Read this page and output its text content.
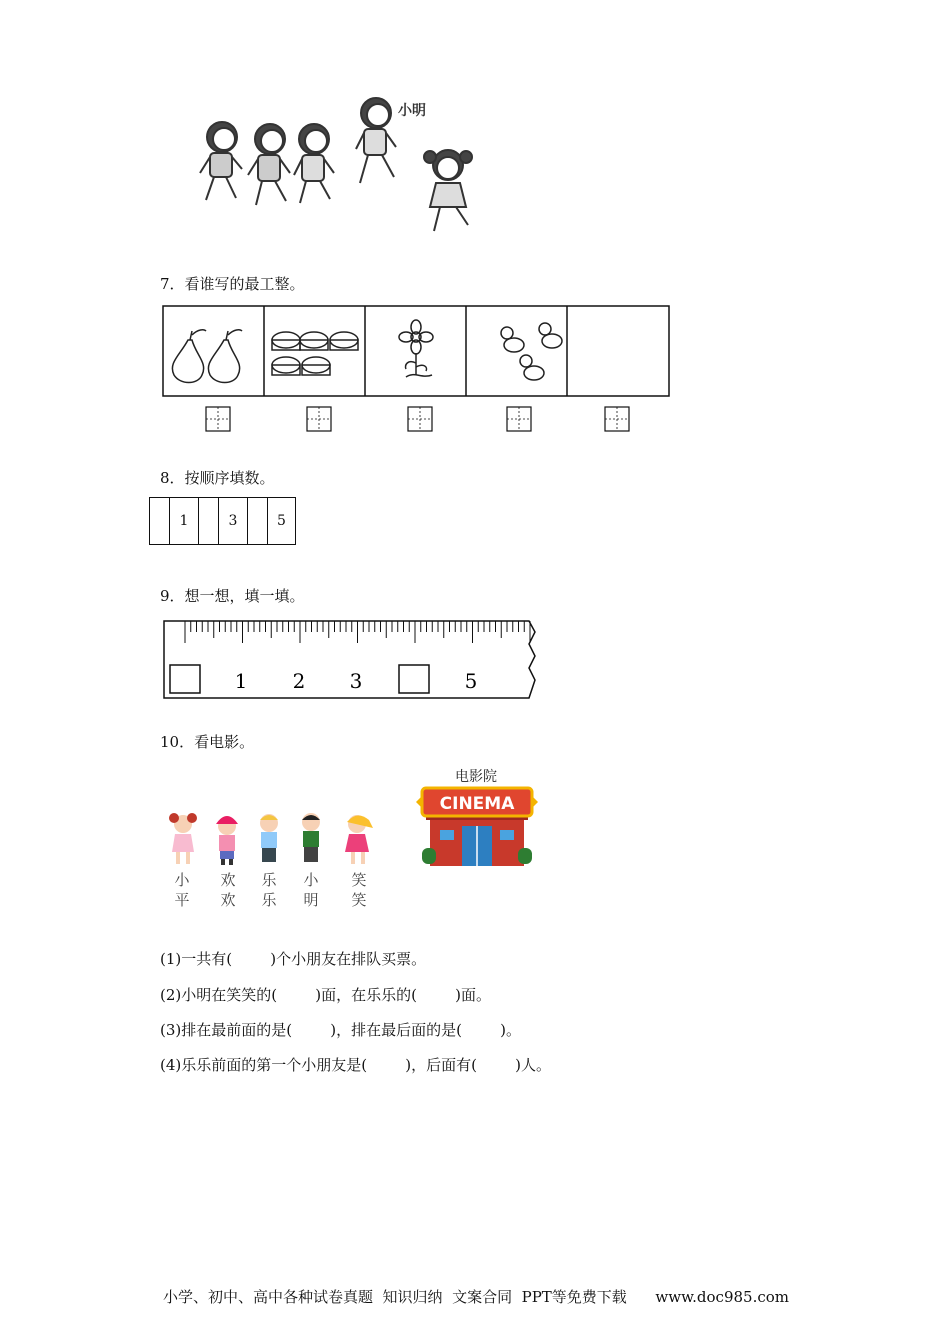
小明
7．看谁写的最工整。
8．按顺序填数。
1	3	5
9．想一想，填一填。
1 2 3	5
10．看电影。
电影院
CINEMA
小
平
欢
欢
乐
乐
小
明
笑
笑
(1)一共有(        )个小朋友在排队买票。
(2)小明在笑笑的(        )面，在乐乐的(        )面。
(3)排在最前面的是(        )，排在最后面的是(        )。
(4)乐乐前面的第一个小朋友是(        )，后面有(        )人。
小学、初中、高中各种试卷真题  知识归纳  文案合同  PPT等免费下载      www.doc985.com
